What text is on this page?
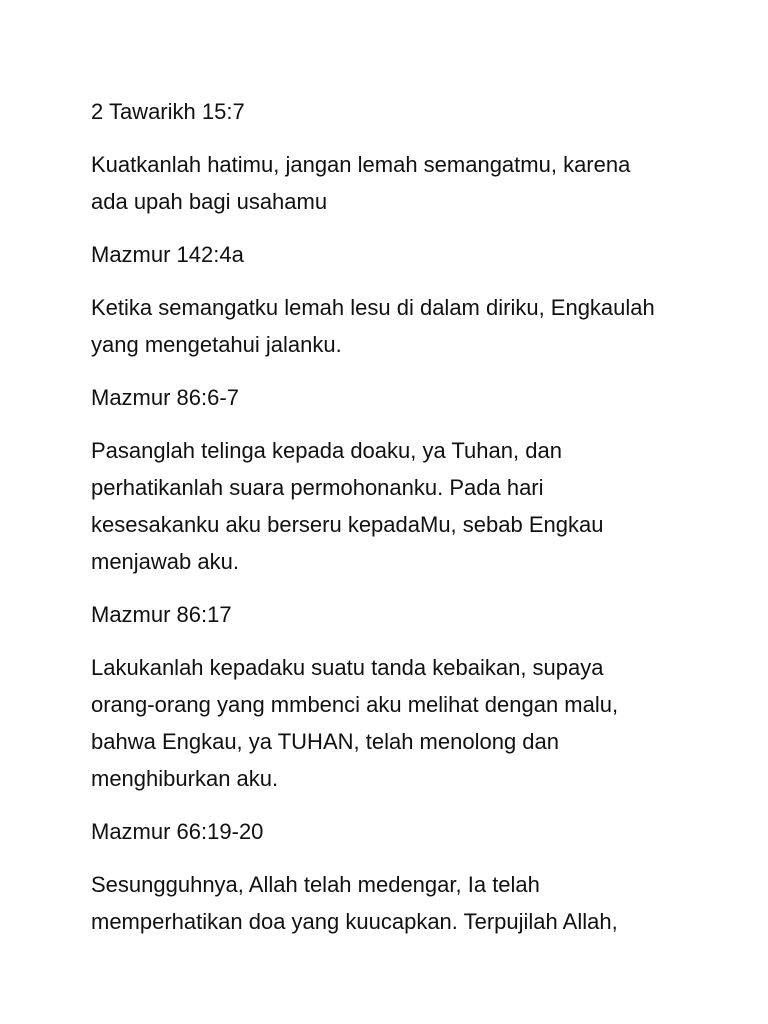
2 Tawarikh 15:7

Kuatkanlah hatimu, jangan lemah semangatmu, karena
ada upah bagi usahamu

Mazmur 142:4a

Ketika semangatku lemah lesu di dalam diriku, Engkaulah
yang mengetahui jalanku.

Mazmur 86:6-7

Pasanglah telinga kepada doaku, ya Tuhan, dan
perhatikanlah suara permohonanku. Pada hari
kesesakanku aku berseru kepadaMu, sebab Engkau
menjawab aku.

Mazmur 86:17

Lakukanlah kepadaku suatu tanda kebaikan, supaya
orang-orang yang mmbenci aku melihat dengan malu,
bahwa Engkau, ya TUHAN, telah menolong dan
menghiburkan aku.

Mazmur 66:19-20

Sesungguhnya, Allah telah medengar, Ia telah
memperhatikan doa yang kuucapkan. Terpujilah Allah,
